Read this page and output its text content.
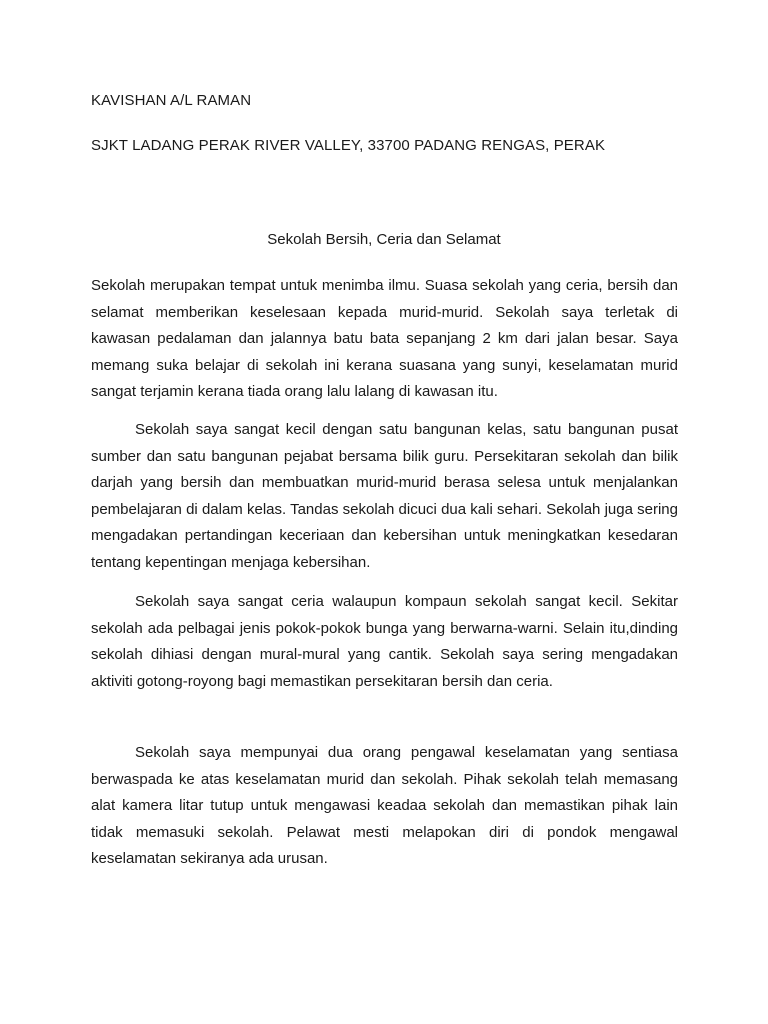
KAVISHAN A/L RAMAN
SJKT LADANG PERAK RIVER VALLEY, 33700 PADANG RENGAS, PERAK
Sekolah Bersih, Ceria dan Selamat

Sekolah merupakan tempat untuk menimba ilmu. Suasa sekolah yang ceria, bersih dan selamat memberikan keselesaan kepada murid-murid. Sekolah saya terletak di kawasan pedalaman dan jalannya batu bata sepanjang 2 km dari jalan besar. Saya memang suka belajar di sekolah ini kerana suasana yang sunyi, keselamatan murid sangat terjamin kerana tiada orang lalu lalang di kawasan itu.

Sekolah saya sangat kecil dengan satu bangunan kelas, satu bangunan pusat sumber dan satu bangunan pejabat bersama bilik guru. Persekitaran sekolah dan bilik darjah yang bersih dan membuatkan murid-murid berasa selesa untuk menjalankan pembelajaran di dalam kelas. Tandas sekolah dicuci dua kali sehari. Sekolah juga sering mengadakan pertandingan keceriaan dan kebersihan untuk meningkatkan kesedaran tentang kepentingan menjaga kebersihan.

Sekolah saya sangat ceria walaupun kompaun sekolah sangat kecil. Sekitar sekolah ada pelbagai jenis pokok-pokok bunga yang berwarna-warni. Selain itu,dinding sekolah dihiasi dengan mural-mural yang cantik. Sekolah saya sering mengadakan aktiviti gotong-royong bagi memastikan persekitaran bersih dan ceria.

Sekolah saya mempunyai dua orang pengawal keselamatan yang sentiasa berwaspada ke atas keselamatan murid dan sekolah. Pihak sekolah telah memasang alat kamera litar tutup untuk mengawasi keadaa sekolah dan memastikan pihak lain tidak memasuki sekolah. Pelawat mesti melapokan diri di pondok mengawal keselamatan sekiranya ada urusan.
